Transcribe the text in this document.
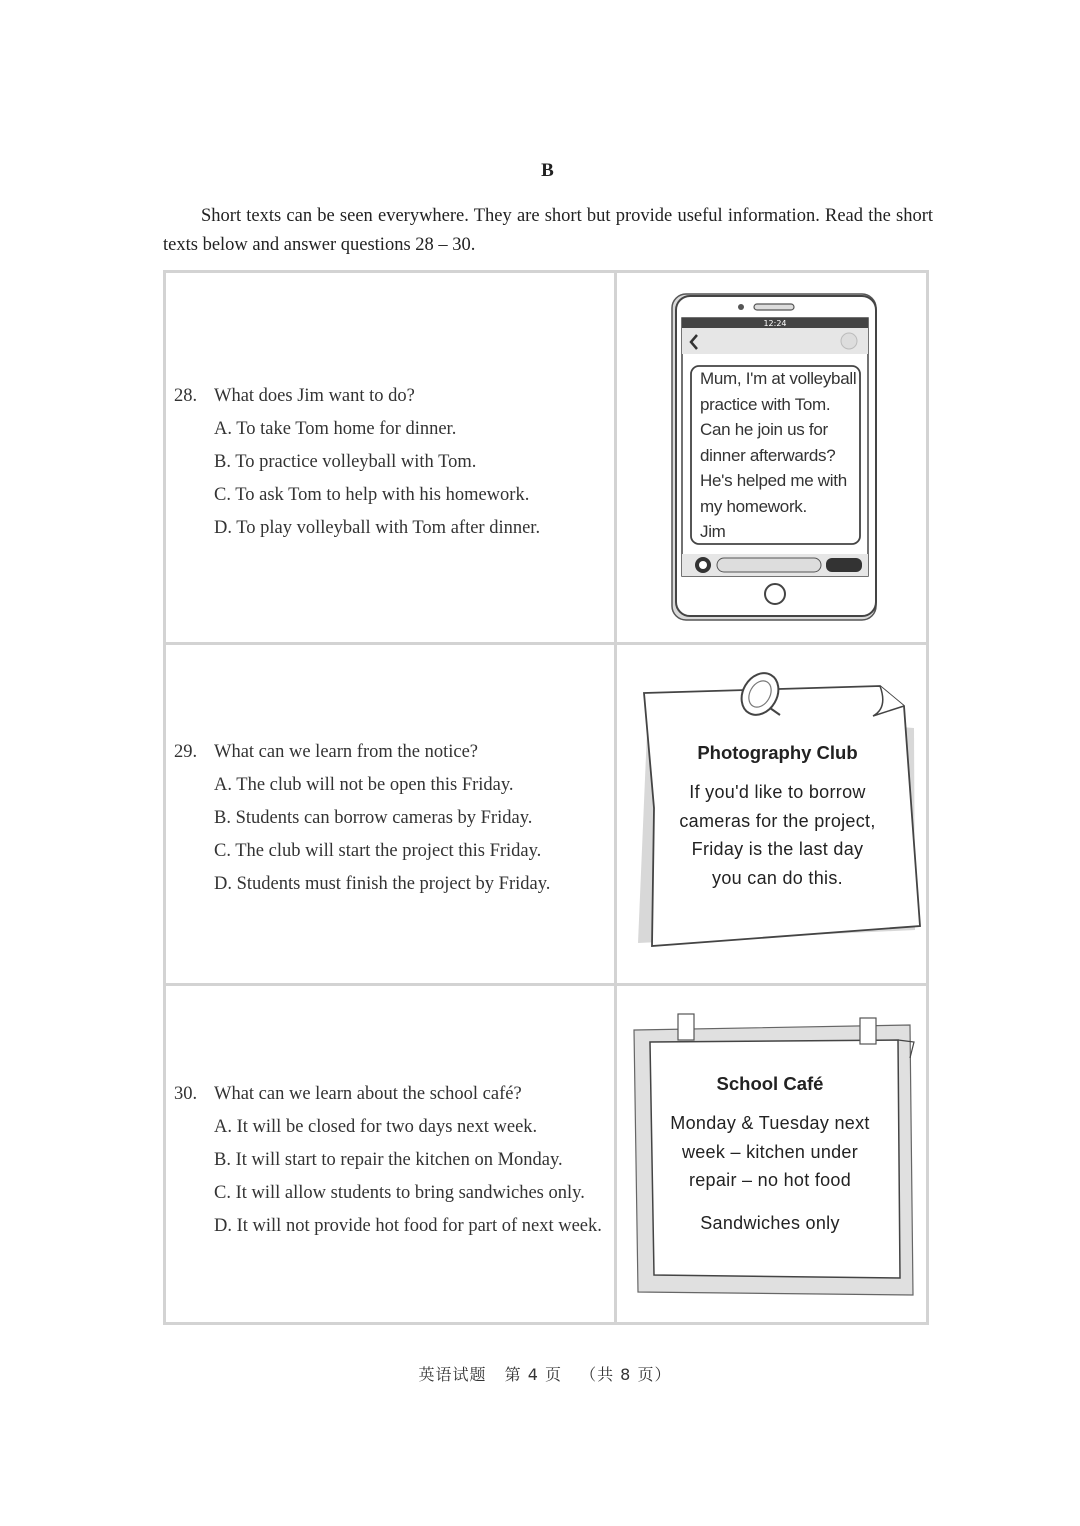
B
Short texts can be seen everywhere. They are short but provide useful information. Read the short texts below and answer questions 28 – 30.
28. What does Jim want to do?
A. To take Tom home for dinner.
B. To practice volleyball with Tom.
C. To ask Tom to help with his homework.
D. To play volleyball with Tom after dinner.
29. What can we learn from the notice?
A. The club will not be open this Friday.
B. Students can borrow cameras by Friday.
C. The club will start the project this Friday.
D. Students must finish the project by Friday.
30. What can we learn about the school café?
A. It will be closed for two days next week.
B. It will start to repair the kitchen on Monday.
C. It will allow students to bring sandwiches only.
D. It will not provide hot food for part of next week.
12:24
Mum, I'm at volleyball
practice with Tom.
Can he join us for
dinner afterwards?
He's helped me with
my homework.
Jim
Photography Club
If you'd like to borrow
cameras for the project,
Friday is the last day
you can do this.
School Café
Monday & Tuesday next
week – kitchen under
repair – no hot food
Sandwiches only
英语试题 第 4 页 （共 8 页）
